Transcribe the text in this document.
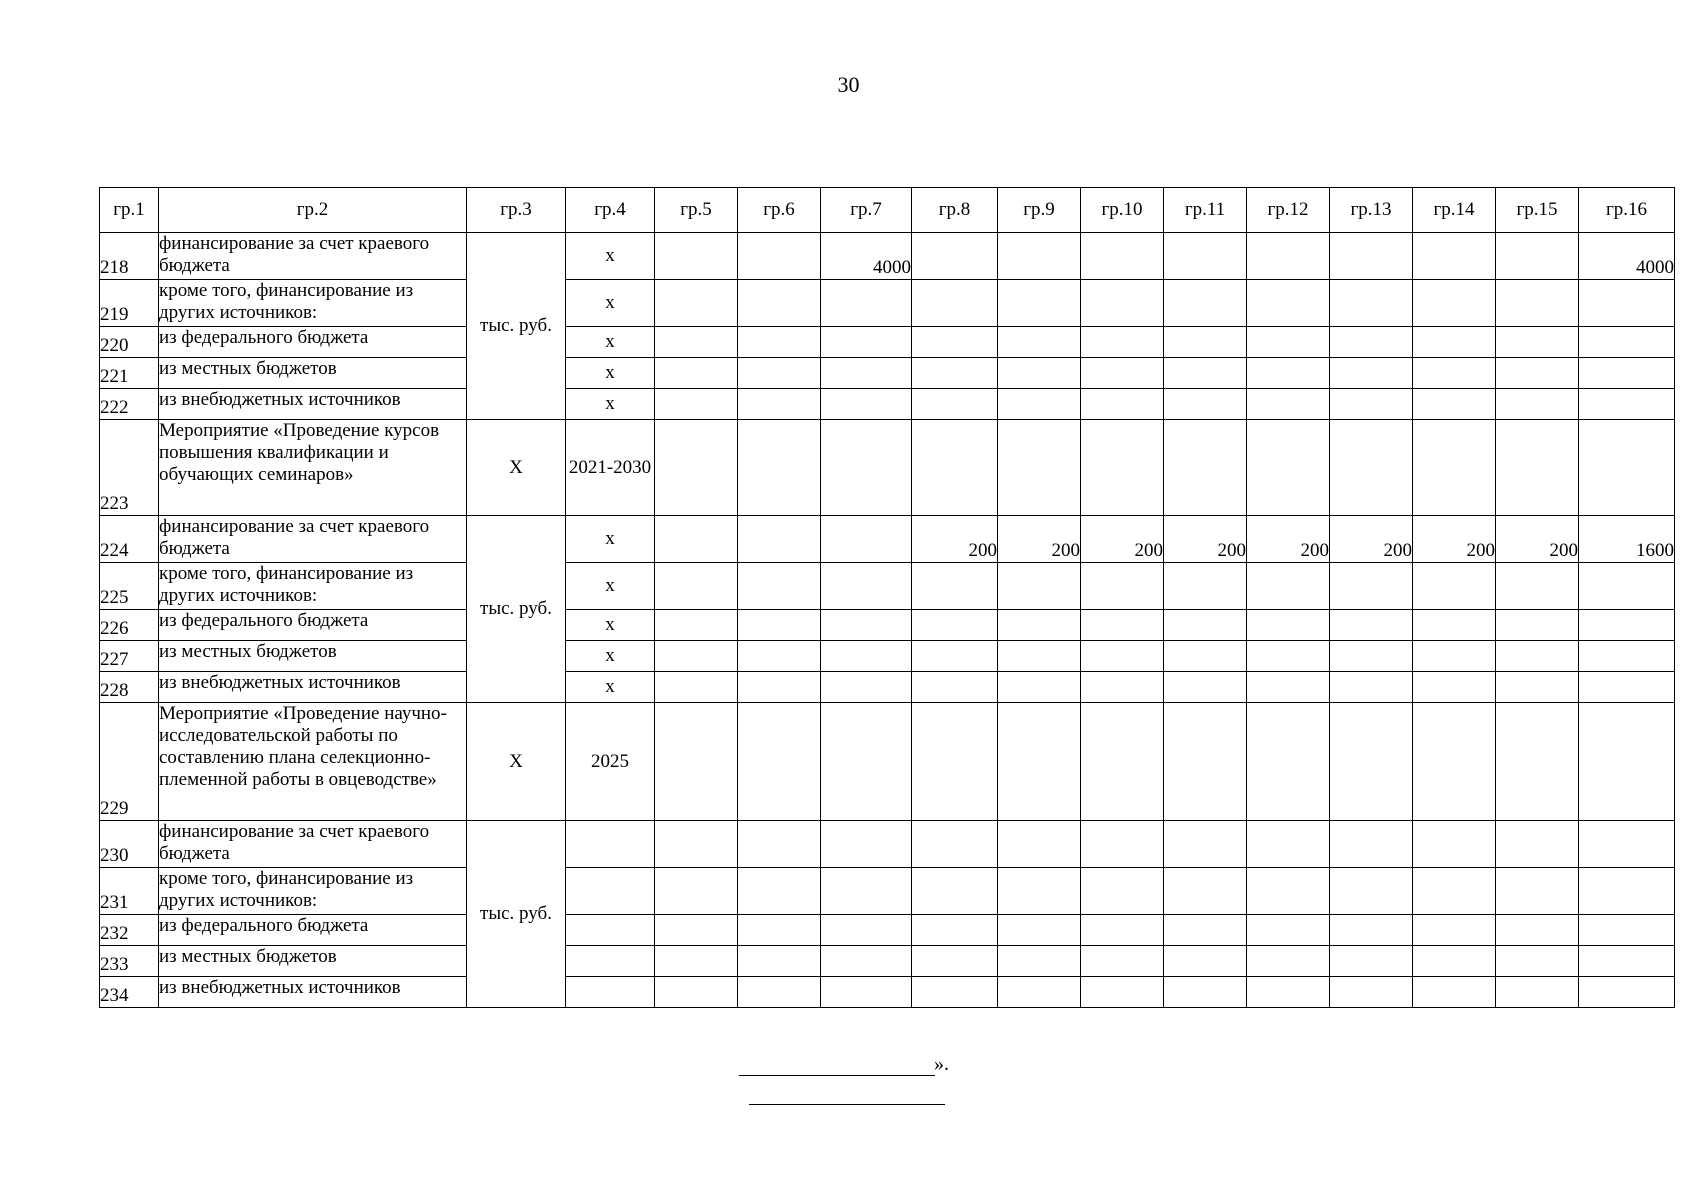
30
гр.1	гр.2	гр.3	гр.4	гр.5	гр.6	гр.7	гр.8	гр.9	гр.10	гр.11	гр.12	гр.13	гр.14	гр.15	гр.16
218	финансирование за счет краевого бюджета	тыс. руб.	х			4000									4000
219	кроме того, финансирование из других источников:		х												
220	из федерального бюджета		х												
221	из местных бюджетов		х												
222	из внебюджетных источников		х												
223	Мероприятие «Проведение курсов повышения квалификации и обучающих семинаров»	Х	2021-2030												
224	финансирование за счет краевого бюджета	тыс. руб.	х				200	200	200	200	200	200	200	200	1600
225	кроме того, финансирование из других источников:		х												
226	из федерального бюджета		х												
227	из местных бюджетов		х												
228	из внебюджетных источников		х												
229	Мероприятие «Проведение научно-исследовательской работы по составлению плана селекционно-племенной работы в овцеводстве»	Х	2025												
230	финансирование за счет краевого бюджета	тыс. руб.													
231	кроме того, финансирование из других источников:														
232	из федерального бюджета														
233	из местных бюджетов														
234	из внебюджетных источников														
».
